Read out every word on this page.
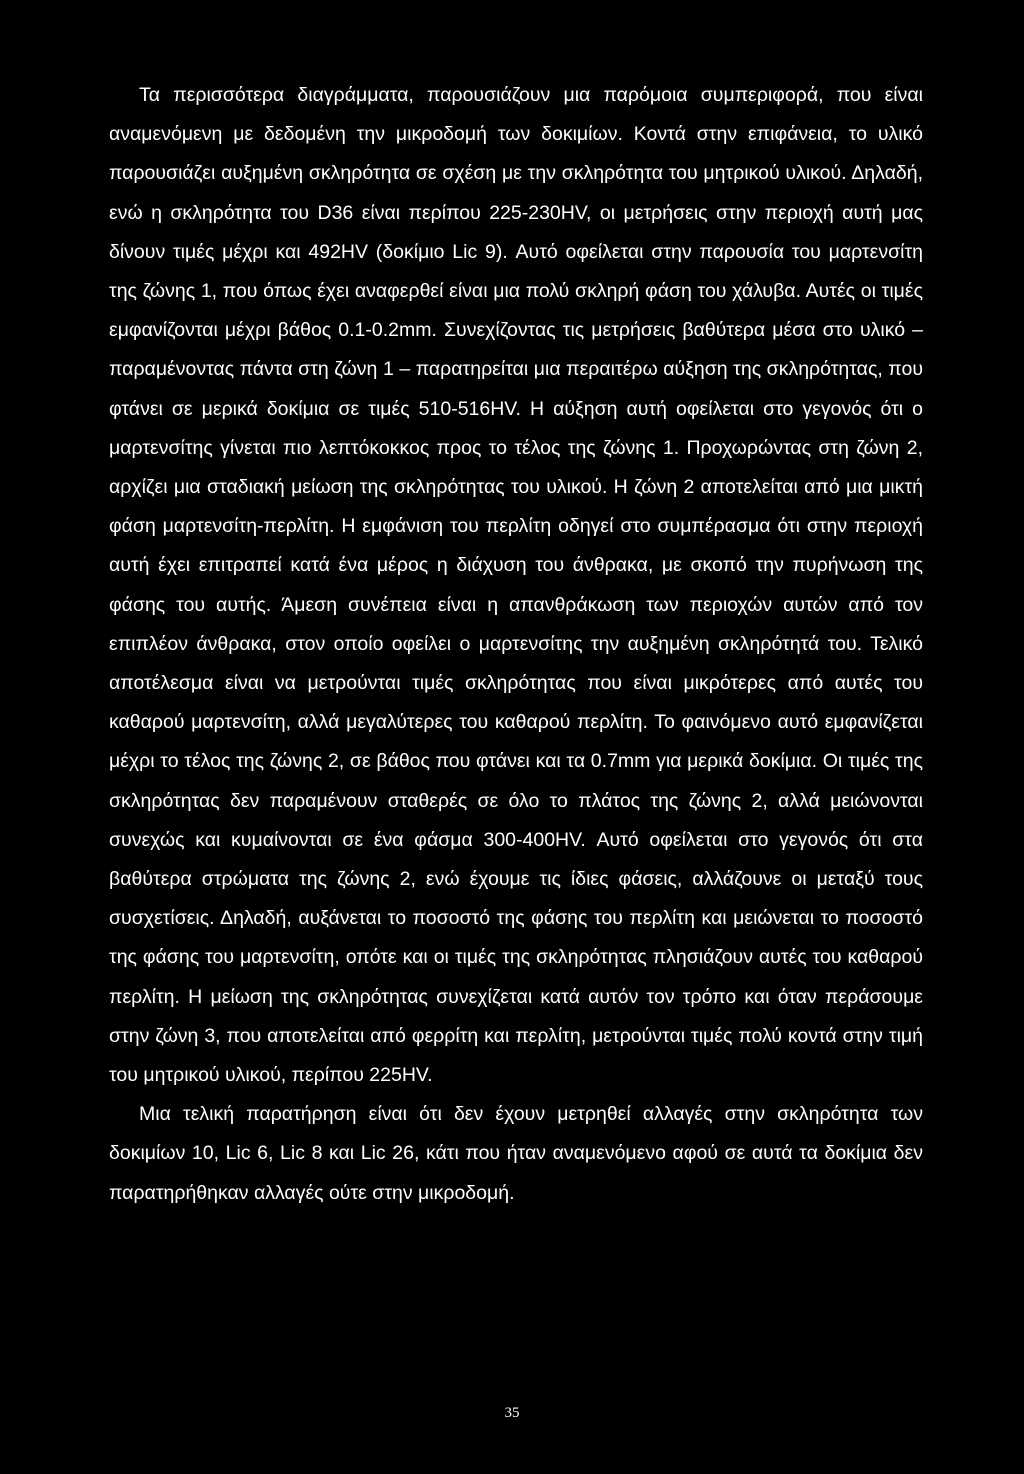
Τα περισσότερα διαγράμματα, παρουσιάζουν μια παρόμοια συμπεριφορά, που είναι αναμενόμενη με δεδομένη την μικροδομή των δοκιμίων. Κοντά στην επιφάνεια, το υλικό παρουσιάζει αυξημένη σκληρότητα σε σχέση με την σκληρότητα του μητρικού υλικού. Δηλαδή, ενώ η σκληρότητα του D36 είναι περίπου 225-230HV, οι μετρήσεις στην περιοχή αυτή μας δίνουν τιμές μέχρι και 492HV (δοκίμιο Lic 9). Αυτό οφείλεται στην παρουσία του μαρτενσίτη της ζώνης 1, που όπως έχει αναφερθεί είναι μια πολύ σκληρή φάση του χάλυβα. Αυτές οι τιμές εμφανίζονται μέχρι βάθος 0.1-0.2mm. Συνεχίζοντας τις μετρήσεις βαθύτερα μέσα στο υλικό – παραμένοντας πάντα στη ζώνη 1 – παρατηρείται μια περαιτέρω αύξηση της σκληρότητας, που φτάνει σε μερικά δοκίμια σε τιμές 510-516HV. Η αύξηση αυτή οφείλεται στο γεγονός ότι ο μαρτενσίτης γίνεται πιο λεπτόκοκκος προς το τέλος της ζώνης 1. Προχωρώντας στη ζώνη 2, αρχίζει μια σταδιακή μείωση της σκληρότητας του υλικού. Η ζώνη 2 αποτελείται από μια μικτή φάση μαρτενσίτη-περλίτη. Η εμφάνιση του περλίτη οδηγεί στο συμπέρασμα ότι στην περιοχή αυτή έχει επιτραπεί κατά ένα μέρος η διάχυση του άνθρακα, με σκοπό την πυρήνωση της φάσης του αυτής. Άμεση συνέπεια είναι η απανθράκωση των περιοχών αυτών από τον επιπλέον άνθρακα, στον οποίο οφείλει ο μαρτενσίτης την αυξημένη σκληρότητά του. Τελικό αποτέλεσμα είναι να μετρούνται τιμές σκληρότητας που είναι μικρότερες από αυτές του καθαρού μαρτενσίτη, αλλά μεγαλύτερες του καθαρού περλίτη. Το φαινόμενο αυτό εμφανίζεται μέχρι το τέλος της ζώνης 2, σε βάθος που φτάνει και τα 0.7mm για μερικά δοκίμια. Οι τιμές της σκληρότητας δεν παραμένουν σταθερές σε όλο το πλάτος της ζώνης 2, αλλά μειώνονται συνεχώς και κυμαίνονται σε ένα φάσμα 300-400HV. Αυτό οφείλεται στο γεγονός ότι στα βαθύτερα στρώματα της ζώνης 2, ενώ έχουμε τις ίδιες φάσεις, αλλάζουνε οι μεταξύ τους συσχετίσεις. Δηλαδή, αυξάνεται το ποσοστό της φάσης του περλίτη και μειώνεται το ποσοστό της φάσης του μαρτενσίτη, οπότε και οι τιμές της σκληρότητας πλησιάζουν αυτές του καθαρού περλίτη. Η μείωση της σκληρότητας συνεχίζεται κατά αυτόν τον τρόπο και όταν περάσουμε στην ζώνη 3, που αποτελείται από φερρίτη και περλίτη, μετρούνται τιμές πολύ κοντά στην τιμή του μητρικού υλικού, περίπου 225HV.

Μια τελική παρατήρηση είναι ότι δεν έχουν μετρηθεί αλλαγές στην σκληρότητα των δοκιμίων 10, Lic 6, Lic 8 και Lic 26, κάτι που ήταν αναμενόμενο αφού σε αυτά τα δοκίμια δεν παρατηρήθηκαν αλλαγές ούτε στην μικροδομή.

35
